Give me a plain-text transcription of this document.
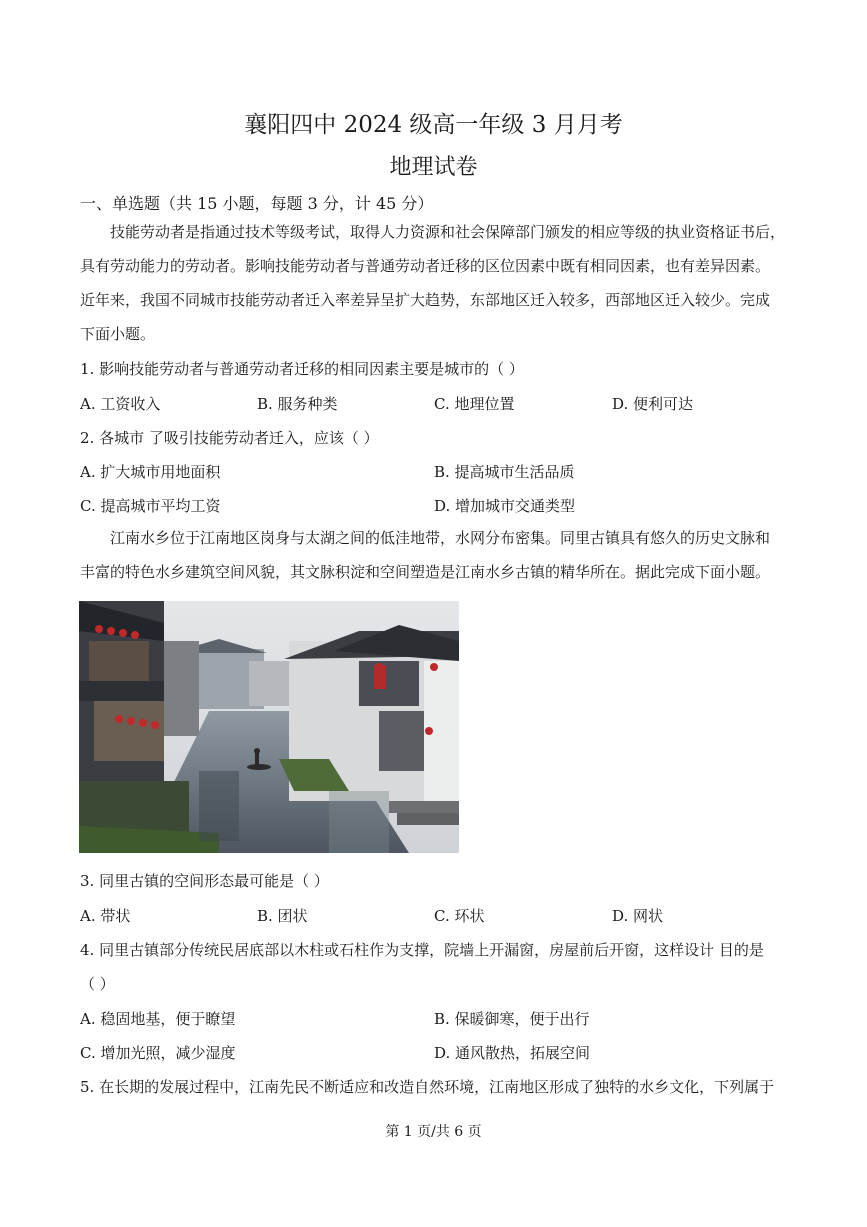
襄阳四中 2024 级高一年级 3 月月考
地理试卷
一、单选题（共 15 小题，每题 3 分，计 45 分）
技能劳动者是指通过技术等级考试，取得人力资源和社会保障部门颁发的相应等级的执业资格证书后，
具有劳动能力的劳动者。影响技能劳动者与普通劳动者迁移的区位因素中既有相同因素，也有差异因素。
近年来，我国不同城市技能劳动者迁入率差异呈扩大趋势，东部地区迁入较多，西部地区迁入较少。完成
下面小题。
1. 影响技能劳动者与普通劳动者迁移的相同因素主要是城市的（ ）
A. 工资收入	B. 服务种类	C. 地理位置	D. 便利可达
2. 各城市 了吸引技能劳动者迁入，应该（ ）
A. 扩大城市用地面积	B. 提高城市生活品质
C. 提高城市平均工资	D. 增加城市交通类型
江南水乡位于江南地区岗身与太湖之间的低洼地带，水网分布密集。同里古镇具有悠久的历史文脉和
丰富的特色水乡建筑空间风貌，其文脉积淀和空间塑造是江南水乡古镇的精华所在。据此完成下面小题。
3. 同里古镇的空间形态最可能是（ ）
A. 带状	B. 团状	C. 环状	D. 网状
4. 同里古镇部分传统民居底部以木柱或石柱作为支撑，院墙上开漏窗，房屋前后开窗，这样设计 目的是
（ ）
A. 稳固地基，便于瞭望	B. 保暖御寒，便于出行
C. 增加光照，减少湿度	D. 通风散热，拓展空间
5. 在长期的发展过程中，江南先民不断适应和改造自然环境，江南地区形成了独特的水乡文化，下列属于
第 1 页/共 6 页
